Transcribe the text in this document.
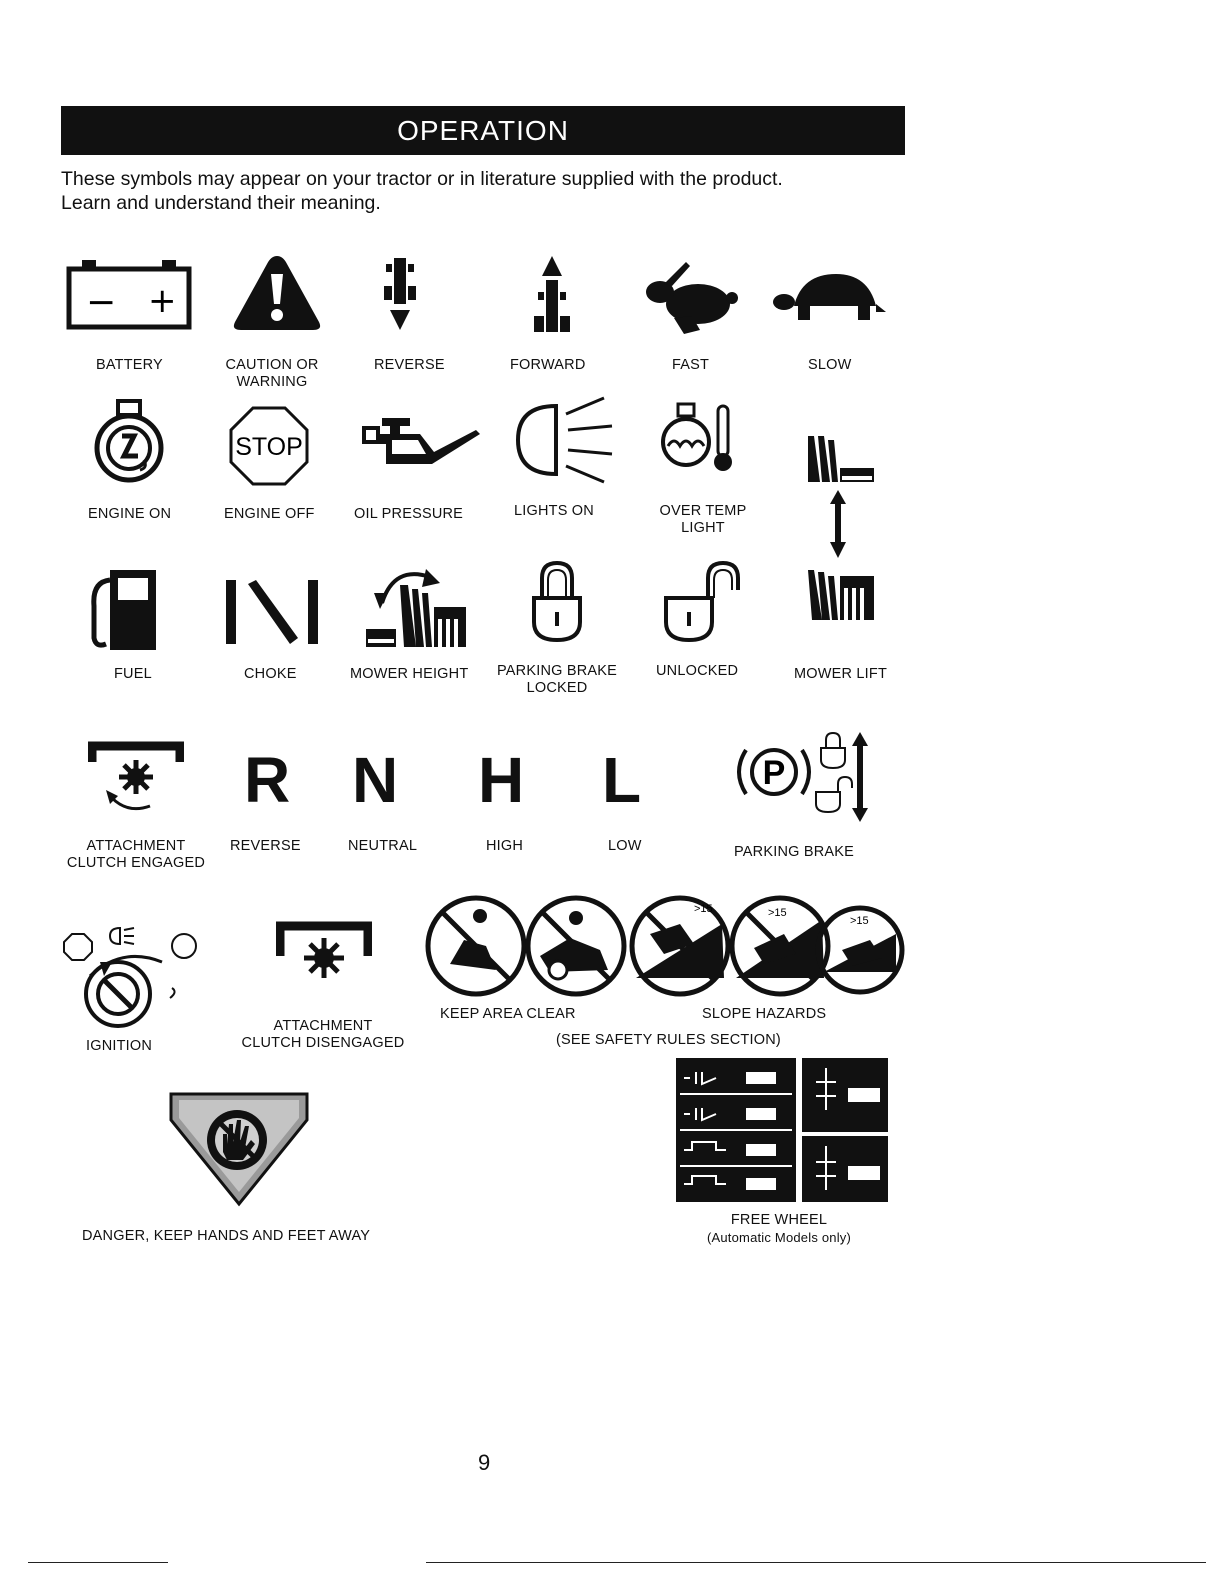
OPERATION
These symbols may appear on your tractor or in literature supplied with the product.
Learn and understand their meaning.
− +
BATTERY	CAUTION OR
WARNING
REVERSE	FORWARD	FAST	SLOW
STOP
ENGINE ON	ENGINE OFF	OIL PRESSURE	LIGHTS ON	OVER TEMP
LIGHT
FUEL	CHOKE	MOWER HEIGHT PARKING BRAKE
LOCKED
UNLOCKED	MOWER LIFT
R N H L	P
ATTACHMENT
CLUTCH ENGAGED
REVERSE	NEUTRAL	HIGH	LOW	PARKING BRAKE
>15	>15
>15
IGNITION
ATTACHMENT
CLUTCH DISENGAGED
KEEP AREA CLEAR	SLOPE HAZARDS
(SEE SAFETY RULES SECTION)
DANGER, KEEP HANDS AND FEET AWAY
FREE WHEEL
(Automatic Models only)
9
